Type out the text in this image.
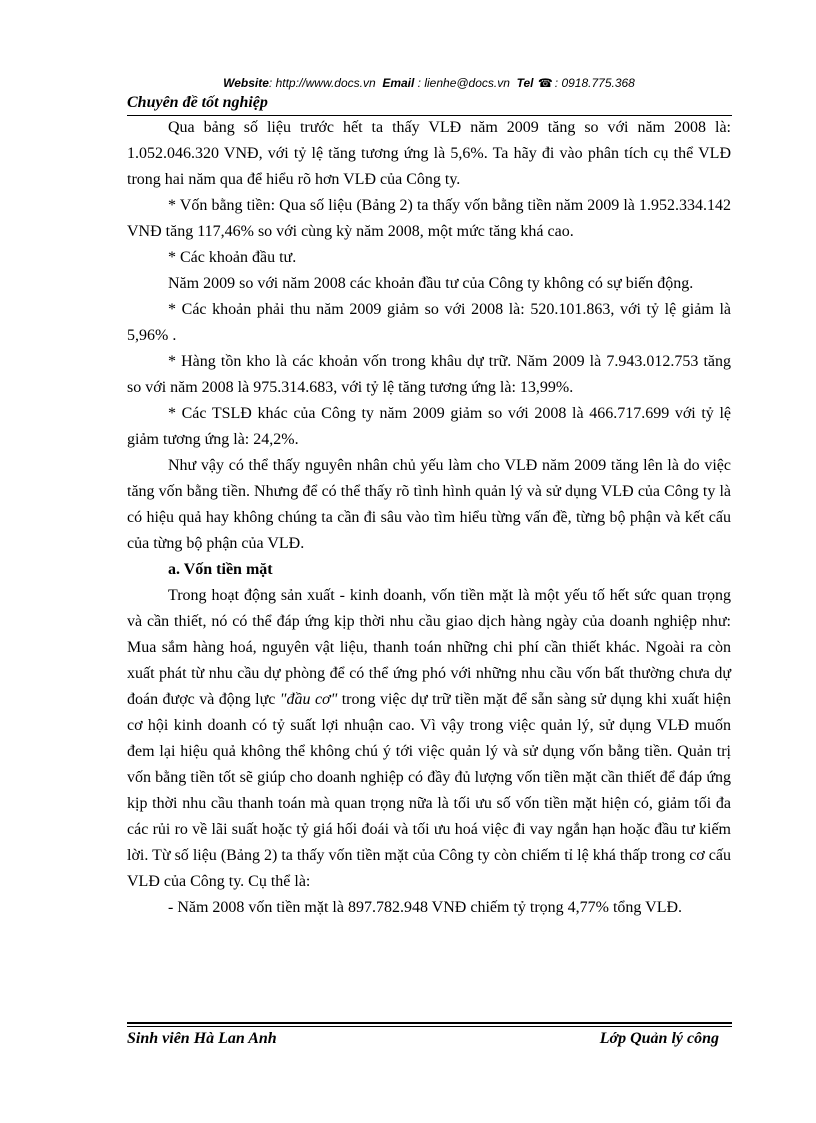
Website: http://www.docs.vn Email : lienhe@docs.vn Tel ☎ : 0918.775.368
Chuyên đề tốt nghiệp

Qua bảng số liệu trước hết ta thấy VLĐ năm 2009 tăng so với năm 2008 là: 1.052.046.320 VNĐ, với tỷ lệ tăng tương ứng là 5,6%. Ta hãy đi vào phân tích cụ thể VLĐ trong hai năm qua để hiểu rõ hơn VLĐ của Công ty.

* Vốn bằng tiền: Qua số liệu (Bảng 2) ta thấy vốn bằng tiền năm 2009 là 1.952.334.142 VNĐ tăng 117,46% so với cùng kỳ năm 2008, một mức tăng khá cao.

* Các khoản đầu tư.

Năm 2009 so với năm 2008 các khoản đầu tư của Công ty không có sự biến động.

* Các khoản phải thu năm 2009 giảm so với 2008 là: 520.101.863, với tỷ lệ giảm là 5,96% .

* Hàng tồn kho là các khoản vốn trong khâu dự trữ. Năm 2009 là 7.943.012.753 tăng so với năm 2008 là 975.314.683, với tỷ lệ tăng tương ứng là: 13,99%.

* Các TSLĐ khác của Công ty năm 2009 giảm so với 2008 là 466.717.699 với tỷ lệ giảm tương ứng là: 24,2%.

Như vậy có thể thấy nguyên nhân chủ yếu làm cho VLĐ năm 2009 tăng lên là do việc tăng vốn bằng tiền. Nhưng để có thể thấy rõ tình hình quản lý và sử dụng VLĐ của Công ty là có hiệu quả hay không chúng ta cần đi sâu vào tìm hiểu từng vấn đề, từng bộ phận và kết cấu của từng bộ phận của VLĐ.

a. Vốn tiền mặt

Trong hoạt động sản xuất - kinh doanh, vốn tiền mặt là một yếu tố hết sức quan trọng và cần thiết, nó có thể đáp ứng kịp thời nhu cầu giao dịch hàng ngày của doanh nghiệp như: Mua sắm hàng hoá, nguyên vật liệu, thanh toán những chi phí cần thiết khác. Ngoài ra còn xuất phát từ nhu cầu dự phòng để có thể ứng phó với những nhu cầu vốn bất thường chưa dự đoán được và động lực "đầu cơ" trong việc dự trữ tiền mặt để sẵn sàng sử dụng khi xuất hiện cơ hội kinh doanh có tỷ suất lợi nhuận cao. Vì vậy trong việc quản lý, sử dụng VLĐ muốn đem lại hiệu quả không thể không chú ý tới việc quản lý và sử dụng vốn bằng tiền. Quản trị vốn bằng tiền tốt sẽ giúp cho doanh nghiệp có đầy đủ lượng vốn tiền mặt cần thiết để đáp ứng kịp thời nhu cầu thanh toán mà quan trọng nữa là tối ưu số vốn tiền mặt hiện có, giảm tối đa các rủi ro về lãi suất hoặc tỷ giá hối đoái và tối ưu hoá việc đi vay ngắn hạn hoặc đầu tư kiếm lời. Từ số liệu (Bảng 2) ta thấy vốn tiền mặt của Công ty còn chiếm tỉ lệ khá thấp trong cơ cấu VLĐ của Công ty. Cụ thể là:

- Năm 2008 vốn tiền mặt là 897.782.948 VNĐ chiếm tỷ trọng 4,77% tổng VLĐ.

Sinh viên Hà Lan Anh	Lớp Quản lý công
